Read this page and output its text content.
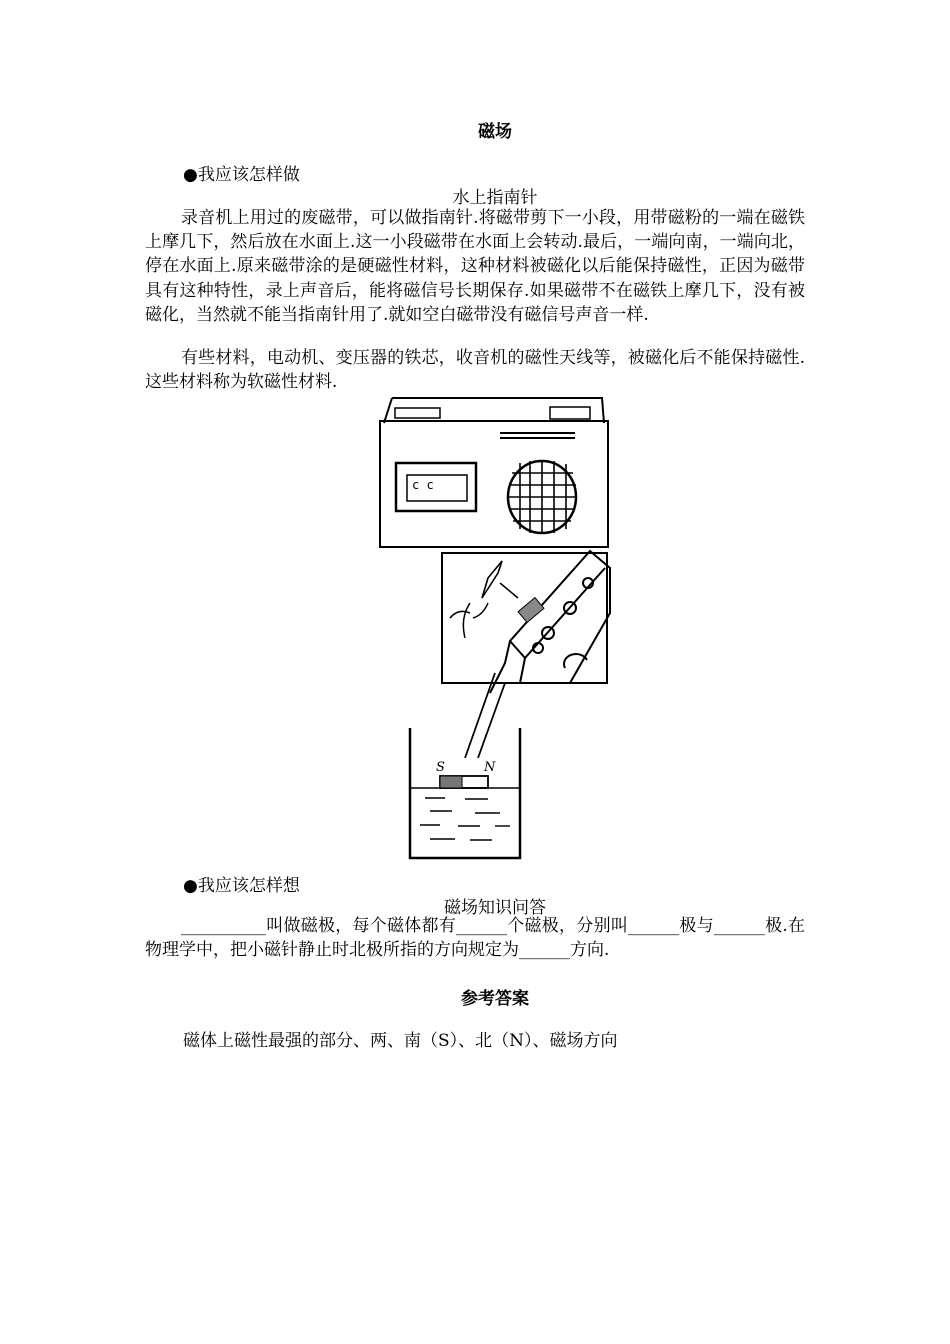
磁场
●我应该怎样做
水上指南针

录音机上用过的废磁带，可以做指南针.将磁带剪下一小段，用带磁粉的一端在磁铁上摩几下，然后放在水面上.这一小段磁带在水面上会转动.最后，一端向南，一端向北，停在水面上.原来磁带涂的是硬磁性材料，这种材料被磁化以后能保持磁性，正因为磁带具有这种特性，录上声音后，能将磁信号长期保存.如果磁带不在磁铁上摩几下，没有被磁化，当然就不能当指南针用了.就如空白磁带没有磁信号声音一样.

有些材料，电动机、变压器的铁芯，收音机的磁性天线等，被磁化后不能保持磁性.这些材料称为软磁性材料.

c c
S	N
●我应该怎样想
磁场知识问答

__________叫做磁极，每个磁体都有______个磁极，分别叫______极与______极.在物理学中，把小磁针静止时北极所指的方向规定为______方向.

参考答案
磁体上磁性最强的部分、两、南（S）、北（N）、磁场方向
